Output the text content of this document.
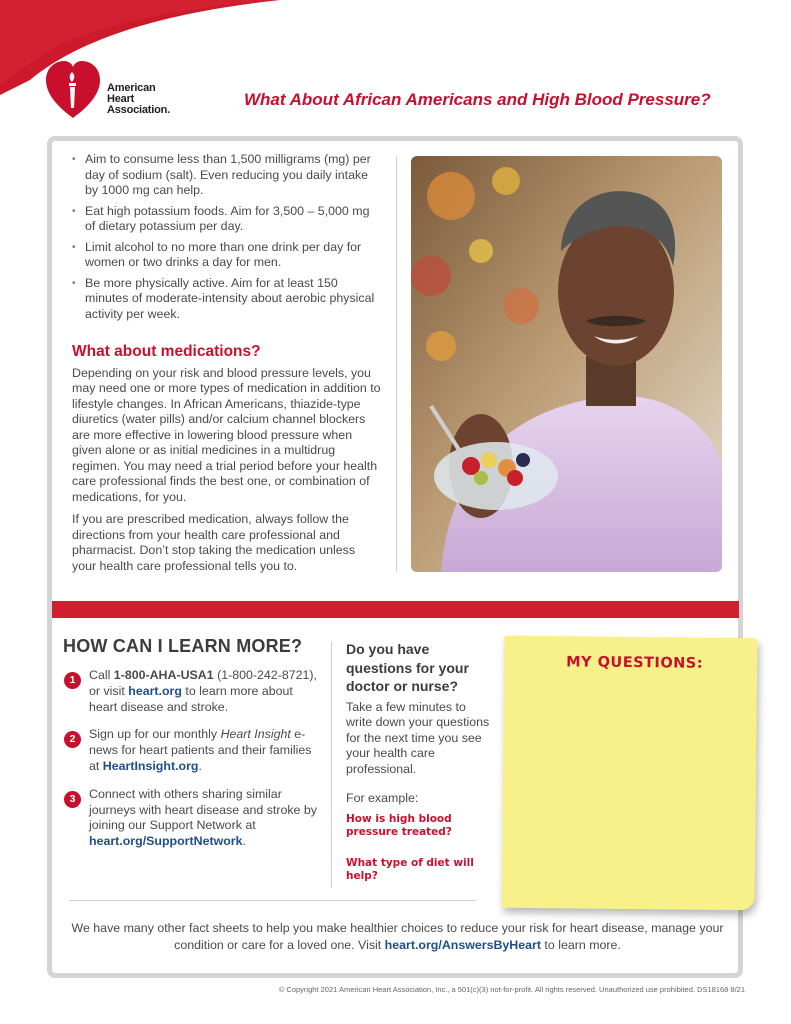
American
Heart
Association.
What About African Americans and High Blood Pressure?
• Aim to consume less than 1,500 milligrams (mg) per day of sodium (salt). Even reducing you daily intake by 1000 mg can help.
• Eat high potassium foods. Aim for 3,500 – 5,000 mg of dietary potassium per day.
• Limit alcohol to no more than one drink per day for women or two drinks a day for men.
• Be more physically active. Aim for at least 150 minutes of moderate-intensity about aerobic physical activity per week.
What about medications?

Depending on your risk and blood pressure levels, you may need one or more types of medication in addition to lifestyle changes. In African Americans, thiazide-type diuretics (water pills) and/or calcium channel blockers are more effective in lowering blood pressure when given alone or as initial medicines in a multidrug regimen. You may need a trial period before your health care professional finds the best one, or combination of medications, for you.

If you are prescribed medication, always follow the directions from your health care professional and pharmacist. Don’t stop taking the medication unless your health care professional tells you to.

HOW CAN I LEARN MORE?
1	Call 1-800-AHA-USA1 (1-800-242-8721), or visit heart.org to learn more about heart disease and stroke.
2	Sign up for our monthly Heart Insight e-news for heart patients and their families at HeartInsight.org.
3	Connect with others sharing similar journeys with heart disease and stroke by joining our Support Network at heart.org/SupportNetwork.
Do you have questions for your doctor or nurse?
Take a few minutes to write down your questions for the next time you see your health care professional.
For example:
How is high blood pressure treated?
What type of diet will help?
MY QUESTIONS:
We have many other fact sheets to help you make healthier choices to reduce your risk for heart disease, manage your condition or care for a loved one. Visit heart.org/AnswersByHeart to learn more.
© Copyright 2021 American Heart Association, Inc., a 501(c)(3) not-for-profit. All rights reserved. Unauthorized use prohibited. DS18168 8/21
